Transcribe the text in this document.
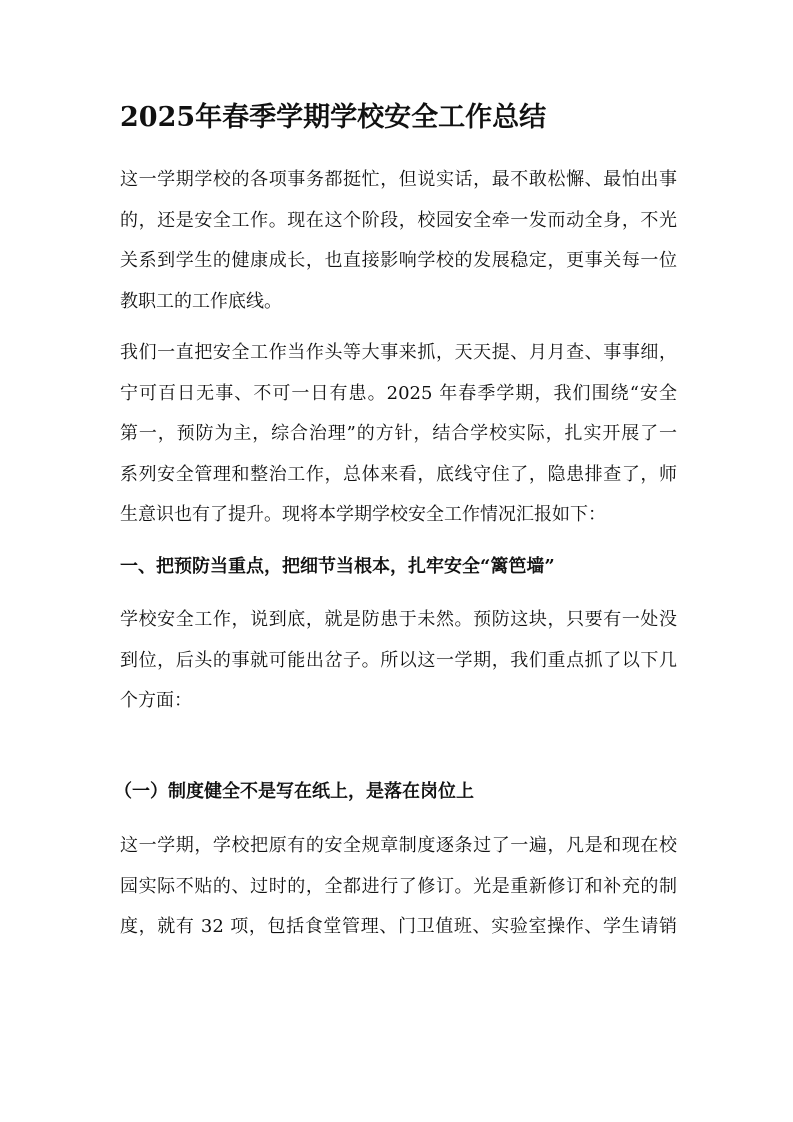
2025年春季学期学校安全工作总结
这一学期学校的各项事务都挺忙，但说实话，最不敢松懈、最怕出事
的，还是安全工作。现在这个阶段，校园安全牵一发而动全身，不光
关系到学生的健康成长，也直接影响学校的发展稳定，更事关每一位
教职工的工作底线。
我们一直把安全工作当作头等大事来抓，天天提、月月查、事事细，
宁可百日无事、不可一日有患。2025 年春季学期，我们围绕“安全
第一，预防为主，综合治理”的方针，结合学校实际，扎实开展了一
系列安全管理和整治工作，总体来看，底线守住了，隐患排查了，师
生意识也有了提升。现将本学期学校安全工作情况汇报如下：
一、把预防当重点，把细节当根本，扎牢安全“篱笆墙”
学校安全工作，说到底，就是防患于未然。预防这块，只要有一处没
到位，后头的事就可能出岔子。所以这一学期，我们重点抓了以下几
个方面：
（一）制度健全不是写在纸上，是落在岗位上
这一学期，学校把原有的安全规章制度逐条过了一遍，凡是和现在校
园实际不贴的、过时的，全都进行了修订。光是重新修订和补充的制
度，就有 32 项，包括食堂管理、门卫值班、实验室操作、学生请销
